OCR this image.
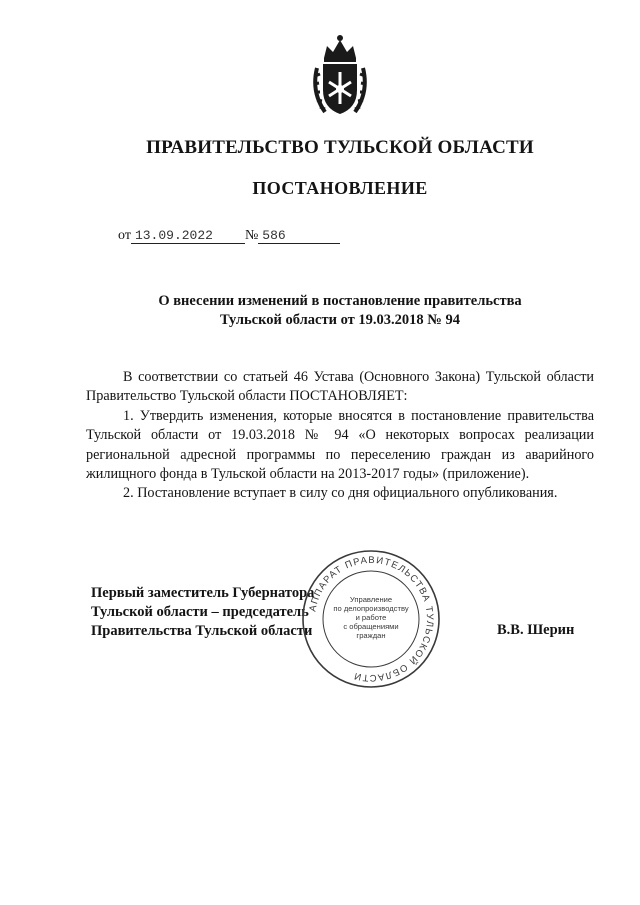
ПРАВИТЕЛЬСТВО ТУЛЬСКОЙ ОБЛАСТИ
ПОСТАНОВЛЕНИЕ
от 13.09.2022 № 586
О внесении изменений в постановление правительства
Тульской области от 19.03.2018 № 94

В соответствии со статьей 46 Устава (Основного Закона) Тульской области Правительство Тульской области ПОСТАНОВЛЯЕТ:

1. Утвердить изменения, которые вносятся в постановление правительства Тульской области от 19.03.2018 № 94 «О некоторых вопросах реализации региональной адресной программы по переселению граждан из аварийного жилищного фонда в Тульской области на 2013-2017 годы» (приложение).

2. Постановление вступает в силу со дня официального опубликования.

Первый заместитель Губернатора
Тульской области – председатель
Правительства Тульской области
АППАРАТ ПРАВИТЕЛЬСТВА ТУЛЬСКОЙ ОБЛАСТИ
Управление
по делопроизводству
и работе
с обращениями
граждан	В.В. Шерин
